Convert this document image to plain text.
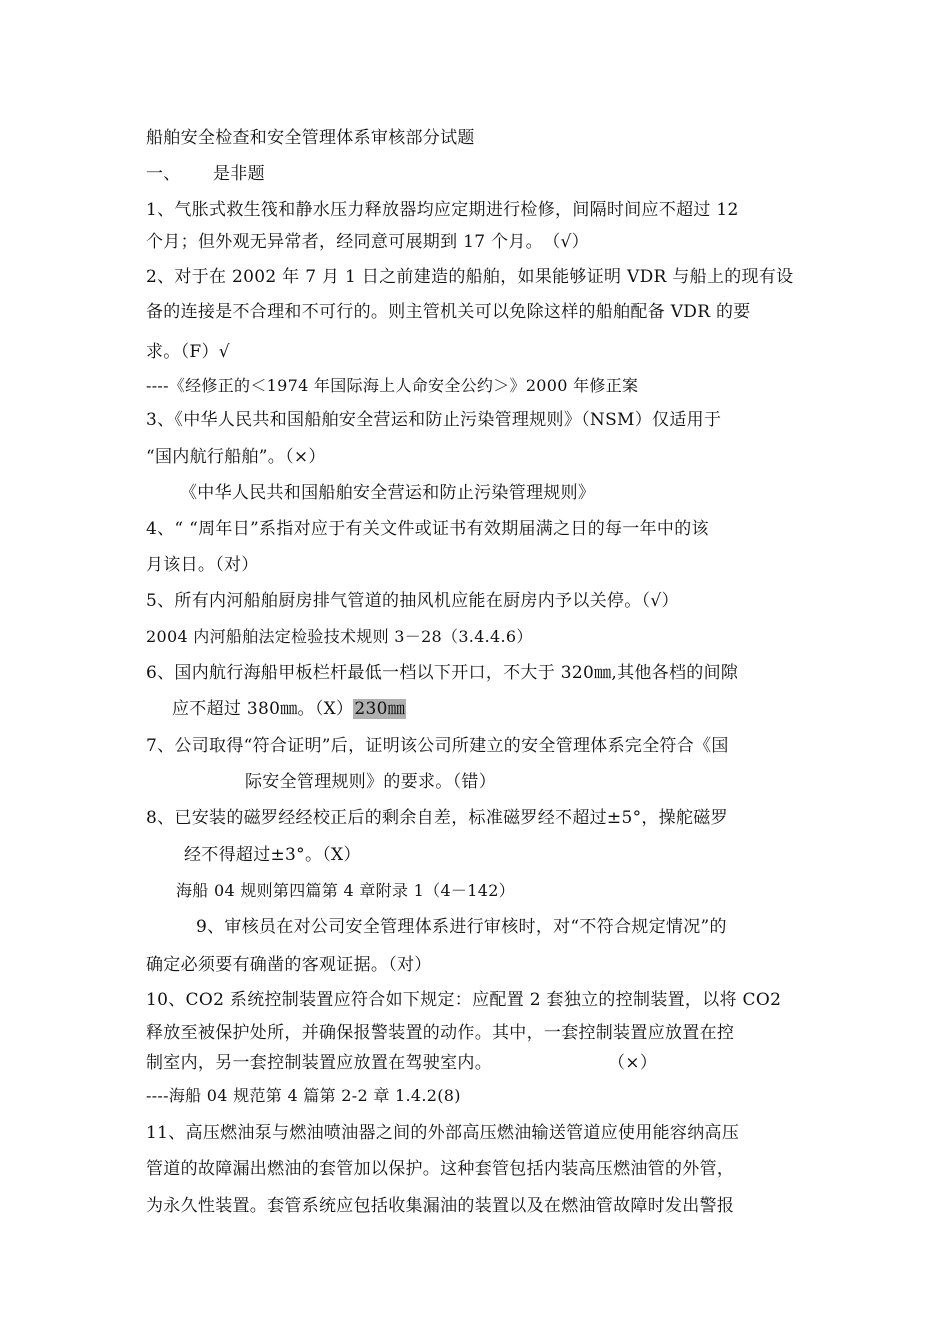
船舶安全检查和安全管理体系审核部分试题
一、 是非题
1、气胀式救生筏和静水压力释放器均应定期进行检修，间隔时间应不超过 12
个月；但外观无异常者，经同意可展期到 17 个月。　（√）
2、对于在 2002 年 7 月 1 日之前建造的船舶，如果能够证明 VDR 与船上的现有设
备的连接是不合理和不可行的。则主管机关可以免除这样的船舶配备 VDR 的要
求。（F）√
----《经修正的＜1974 年国际海上人命安全公约＞》2000 年修正案
3、《中华人民共和国船舶安全营运和防止污染管理规则》（NSM）仅适用于
“国内航行船舶”。（×）
《中华人民共和国船舶安全营运和防止污染管理规则》
4、“ “周年日”系指对应于有关文件或证书有效期届满之日的每一年中的该
月该日。（对）
5、所有内河船舶厨房排气管道的抽风机应能在厨房内予以关停。（√）
2004 内河船舶法定检验技术规则 3－28（3.4.4.6）
6、国内航行海船甲板栏杆最低一档以下开口，不大于 320㎜,其他各档的间隙
应不超过 380㎜。（X）230㎜
7、公司取得“符合证明”后，证明该公司所建立的安全管理体系完全符合《国
际安全管理规则》的要求。（错）
8、已安装的磁罗经经校正后的剩余自差，标准磁罗经不超过±5°，操舵磁罗
经不得超过±3°。（X）
海船 04 规则第四篇第 4 章附录 1（4－142）
9、审核员在对公司安全管理体系进行审核时，对“不符合规定情况”的
确定必须要有确凿的客观证据。（对）
10、CO2 系统控制装置应符合如下规定：应配置 2 套独立的控制装置，以将 CO2
释放至被保护处所，并确保报警装置的动作。其中，一套控制装置应放置在控
制室内，另一套控制装置应放置在驾驶室内。	（×）
----海船 04 规范第 4 篇第 2-2 章 1.4.2(8)
11、高压燃油泵与燃油喷油器之间的外部高压燃油输送管道应使用能容纳高压
管道的故障漏出燃油的套管加以保护。这种套管包括内装高压燃油管的外管，
为永久性装置。套管系统应包括收集漏油的装置以及在燃油管故障时发出警报
